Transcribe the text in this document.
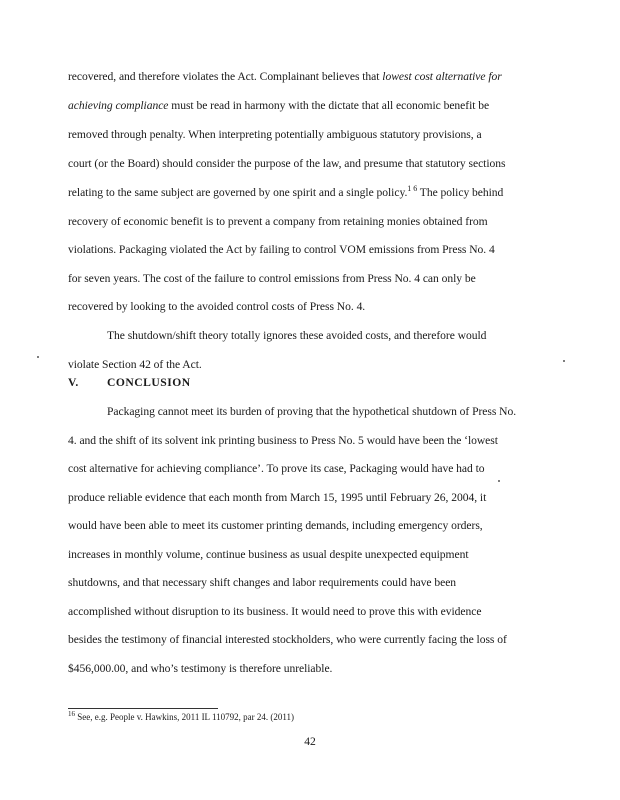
recovered, and therefore violates the Act. Complainant believes that lowest cost alternative for
achieving compliance must be read in harmony with the dictate that all economic benefit be
removed through penalty. When interpreting potentially ambiguous statutory provisions, a
court (or the Board) should consider the purpose of the law, and presume that statutory sections
relating to the same subject are governed by one spirit and a single policy.$^{1 6}$ The policy behind
recovery of economic benefit is to prevent a company from retaining monies obtained from
violations. Packaging violated the Act by failing to control VOM emissions from Press No. 4
for seven years. The cost of the failure to control emissions from Press No. 4 can only be
recovered by looking to the avoided control costs of Press No. 4.
The shutdown/shift theory totally ignores these avoided costs, and therefore would
violate Section 42 of the Act.
V. CONCLUSION
Packaging cannot meet its burden of proving that the hypothetical shutdown of Press No.
4. and the shift of its solvent ink printing business to Press No. 5 would have been the ‘lowest
cost alternative for achieving compliance’. To prove its case, Packaging would have had to
produce reliable evidence that each month from March 15, 1995 until February 26, 2004, it
would have been able to meet its customer printing demands, including emergency orders,
increases in monthly volume, continue business as usual despite unexpected equipment
shutdowns, and that necessary shift changes and labor requirements could have been
accomplished without disruption to its business. It would need to prove this with evidence
besides the testimony of financial interested stockholders, who were currently facing the loss of
$456,000.00, and who’s testimony is therefore unreliable.
$^{16}$ See, e.g. People v. Hawkins, 2011 IL 110792, par 24. (2011)
42
